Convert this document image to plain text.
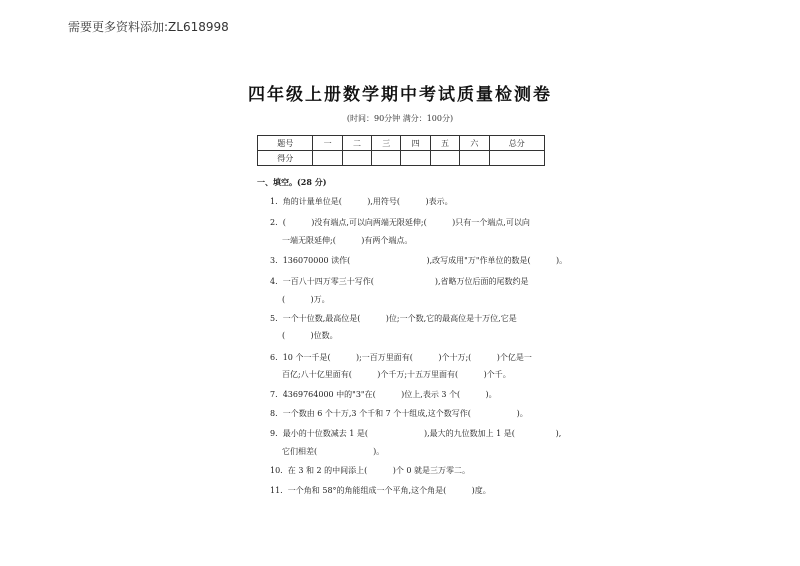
需要更多资料添加:ZL618998
四年级上册数学期中考试质量检测卷
(时间：90分钟 满分：100分)
题号	一	二	三	四	五	六	总分
得分							
一、填空。(28 分)
1.  角的计量单位是(          ),用符号(          )表示。
2.  (          )没有端点,可以向两端无限延伸;(          )只有一个端点,可以向
一端无限延伸;(          )有两个端点。
3.  136070000 读作(                              ),改写成用"万"作单位的数是(          )。
4.  一百八十四万零三十写作(                        ),省略万位后面的尾数约是
(          )万。
5.  一个十位数,最高位是(          )位;一个数,它的最高位是十万位,它是
(          )位数。
6.  10 个一千是(          );一百万里面有(          )个十万;(          )个亿是一
百亿;八十亿里面有(          )个千万;十五万里面有(          )个千。
7.  4369764000 中的"3"在(          )位上,表示 3 个(          )。
8.  一个数由 6 个十万,3 个千和 7 个十组成,这个数写作(                  )。
9.  最小的十位数减去 1 是(                      ),最大的九位数加上 1 是(                ),
它们相差(                      )。
10.  在 3 和 2 的中间添上(          )个 0 就是三万零二。
11.  一个角和 58°的角能组成一个平角,这个角是(          )度。
